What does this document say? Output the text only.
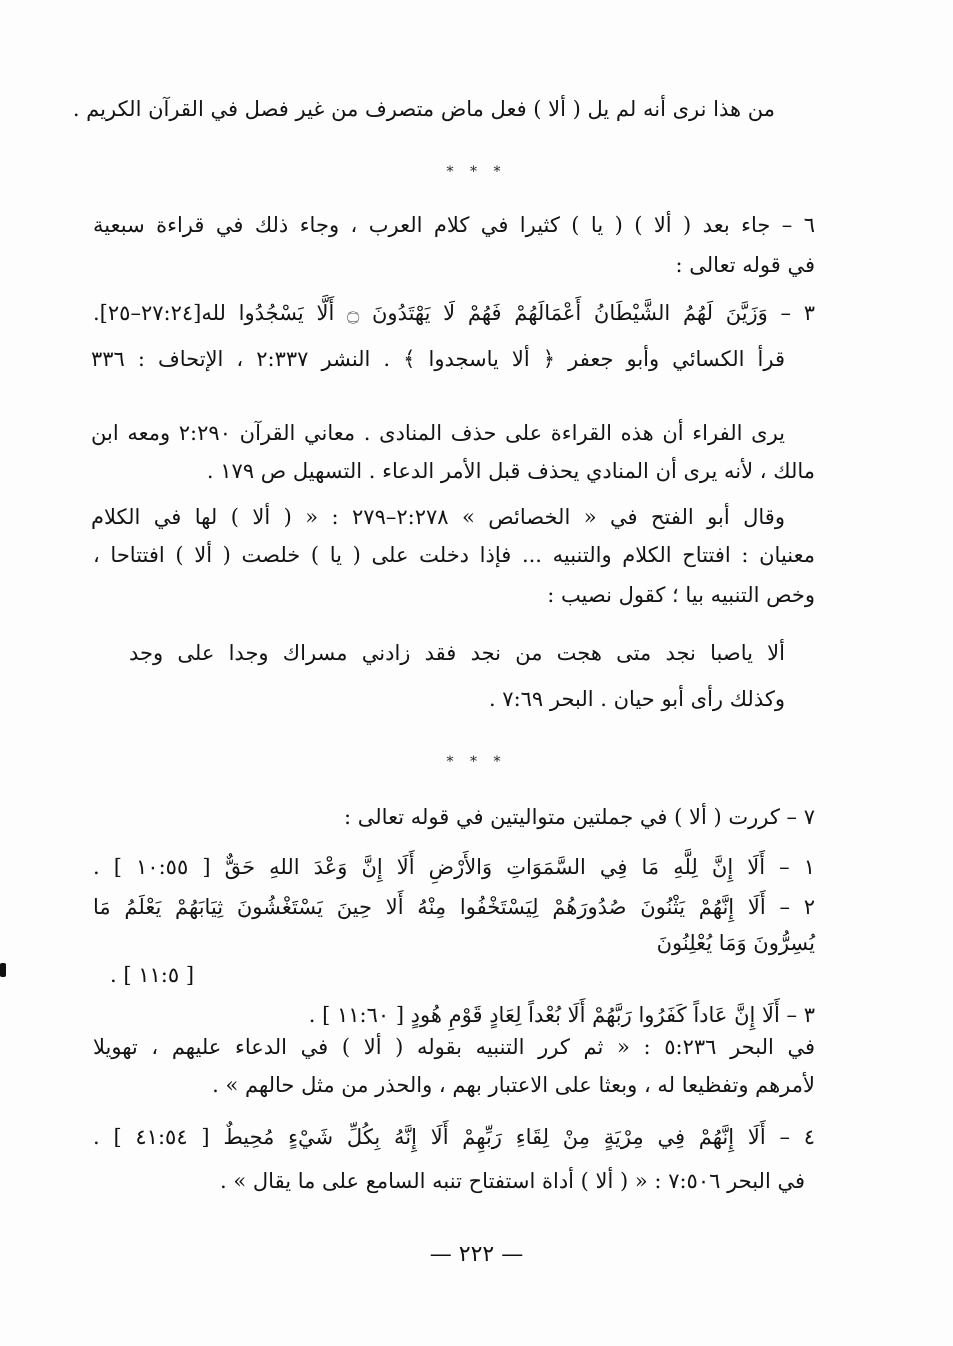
من هذا نرى أنه لم يل ( ألا ) فعل ماض متصرف من غير فصل في القرآن الكريم .
* * *
٦ – جاء بعد ( ألا ) ( يا ) كثيرا في كلام العرب ، وجاء ذلك في قراءة سبعية
في قوله تعالى :
٣ – وَزَيَّنَ لَهُمُ الشَّيْطَانُ أَعْمَالَهُمْ فَهُمْ لَا يَهْتَدُونَ ۝ أَلَّا يَسْجُدُوا لله[٢٧:٢٤–٢٥].
قرأ الكسائي وأبو جعفر ﴿ ألا ياسجدوا ﴾ . النشر ٢:٣٣٧ ، الإتحاف : ٣٣٦
يرى الفراء أن هذه القراءة على حذف المنادى . معاني القرآن ٢:٢٩٠ ومعه ابن
مالك ، لأنه يرى أن المنادي يحذف قبل الأمر الدعاء . التسهيل ص ١٧٩ .
وقال أبو الفتح في « الخصائص » ٢:٢٧٨–٢٧٩ : « ( ألا ) لها في الكلام
معنيان : افتتاح الكلام والتنبيه ... فإذا دخلت على ( يا ) خلصت ( ألا ) افتتاحا ،
وخص التنبيه بيا ؛ كقول نصيب :
ألا ياصبا نجد متى هجت من نجد فقد زادني مسراك وجدا على وجد
وكذلك رأى أبو حيان . البحر ٧:٦٩ .
* * *
٧ – كررت ( ألا ) في جملتين متواليتين في قوله تعالى :
١ – أَلَا إِنَّ لِلَّهِ مَا فِي السَّمَوَاتِ وَالأَرْضِ أَلَا إِنَّ وَعْدَ اللهِ حَقٌّ [ ١٠:٥٥ ] .
٢ – أَلَا إِنَّهُمْ يَثْنُونَ صُدُورَهُمْ لِيَسْتَخْفُوا مِنْهُ أَلا حِينَ يَسْتَغْشُونَ ثِيَابَهُمْ يَعْلَمُ مَا
يُسِرُّونَ وَمَا يُعْلِنُونَ
[ ١١:٥ ] .
٣ – أَلَا إِنَّ عَاداً كَفَرُوا رَبَّهُمْ أَلَا بُعْداً لِعَادٍ قَوْمِ هُودٍ [ ١١:٦٠ ] .
في البحر ٥:٢٣٦ : « ثم كرر التنبيه بقوله ( ألا ) في الدعاء عليهم ، تهويلا
لأمرهم وتفظيعا له ، وبعثا على الاعتبار بهم ، والحذر من مثل حالهم » .
٤ – أَلَا إِنَّهُمْ فِي مِرْيَةٍ مِنْ لِقَاءِ رَبِّهِمْ أَلَا إِنَّهُ بِكُلِّ شَيْءٍ مُحِيطٌ [ ٤١:٥٤ ] .
في البحر ٧:٥٠٦ : « ( ألا ) أداة استفتاح تنبه السامع على ما يقال » .
— ٢٢٢ —
